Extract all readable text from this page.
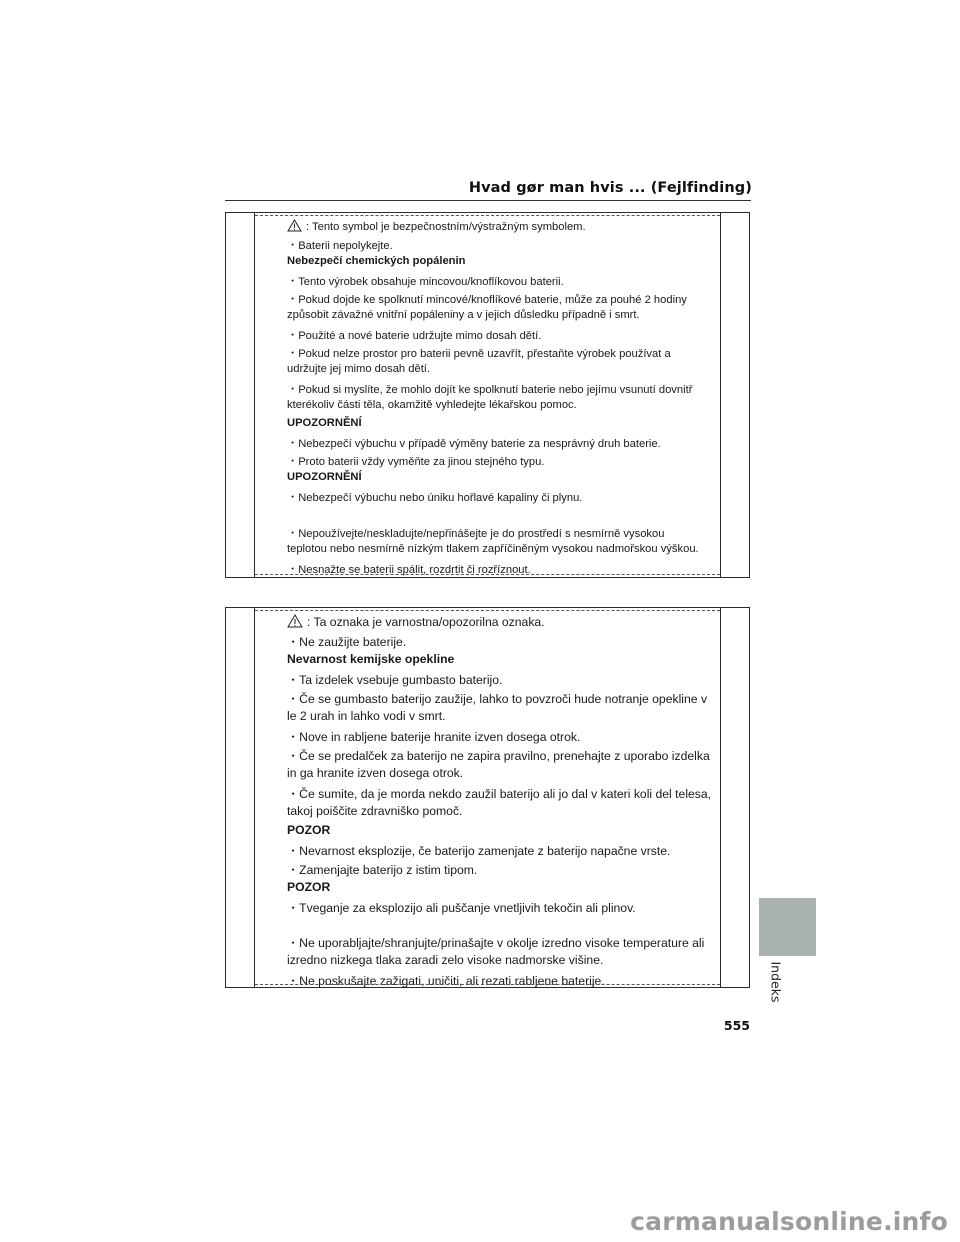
Hvad gør man hvis ... (Fejlfinding)
: Tento symbol je bezpečnostním/výstražným symbolem.
・Baterii nepolykejte.
Nebezpečí chemických popálenin
・Tento výrobek obsahuje mincovou/knoflíkovou baterii.
・Pokud dojde ke spolknutí mincové/knoflíkové baterie, může za pouhé 2 hodiny
způsobit závažné vnitřní popáleniny a v jejich důsledku případně i smrt.
・Použité a nové baterie udržujte mimo dosah dětí.
・Pokud nelze prostor pro baterii pevně uzavřít, přestaňte výrobek používat a
udržujte jej mimo dosah dětí.
・Pokud si myslíte, že mohlo dojít ke spolknutí baterie nebo jejímu vsunutí dovnitř
kterékoliv části těla, okamžitě vyhledejte lékařskou pomoc.
UPOZORNĚNÍ
・Nebezpečí výbuchu v případě výměny baterie za nesprávný druh baterie.
・Proto baterii vždy vyměňte za jinou stejného typu.
UPOZORNĚNÍ
・Nebezpečí výbuchu nebo úniku hořlavé kapaliny či plynu.
・Nepoužívejte/neskladujte/nepřinášejte je do prostředí s nesmírně vysokou
teplotou nebo nesmírně nízkým tlakem zapříčiněným vysokou nadmořskou výškou.
・Nesnažte se baterii spálit, rozdrtit či rozříznout.
: Ta oznaka je varnostna/opozorilna oznaka.
・Ne zaužijte baterije.
Nevarnost kemijske opekline
・Ta izdelek vsebuje gumbasto baterijo.
・Če se gumbasto baterijo zaužije, lahko to povzroči hude notranje opekline v
le 2 urah in lahko vodi v smrt.
・Nove in rabljene baterije hranite izven dosega otrok.
・Če se predalček za baterijo ne zapira pravilno, prenehajte z uporabo izdelka
in ga hranite izven dosega otrok.
・Če sumite, da je morda nekdo zaužil baterijo ali jo dal v kateri koli del telesa,
takoj poiščite zdravniško pomoč.
POZOR
・Nevarnost eksplozije, če baterijo zamenjate z baterijo napačne vrste.
・Zamenjajte baterijo z istim tipom.
POZOR
・Tveganje za eksplozijo ali puščanje vnetljivih tekočin ali plinov.
・Ne uporabljajte/shranjujte/prinašajte v okolje izredno visoke temperature ali
izredno nizkega tlaka zaradi zelo visoke nadmorske višine.
・Ne poskušajte zažigati, uničiti, ali rezati rabljene baterije.	Indeks
555
carmanualsonline.info
